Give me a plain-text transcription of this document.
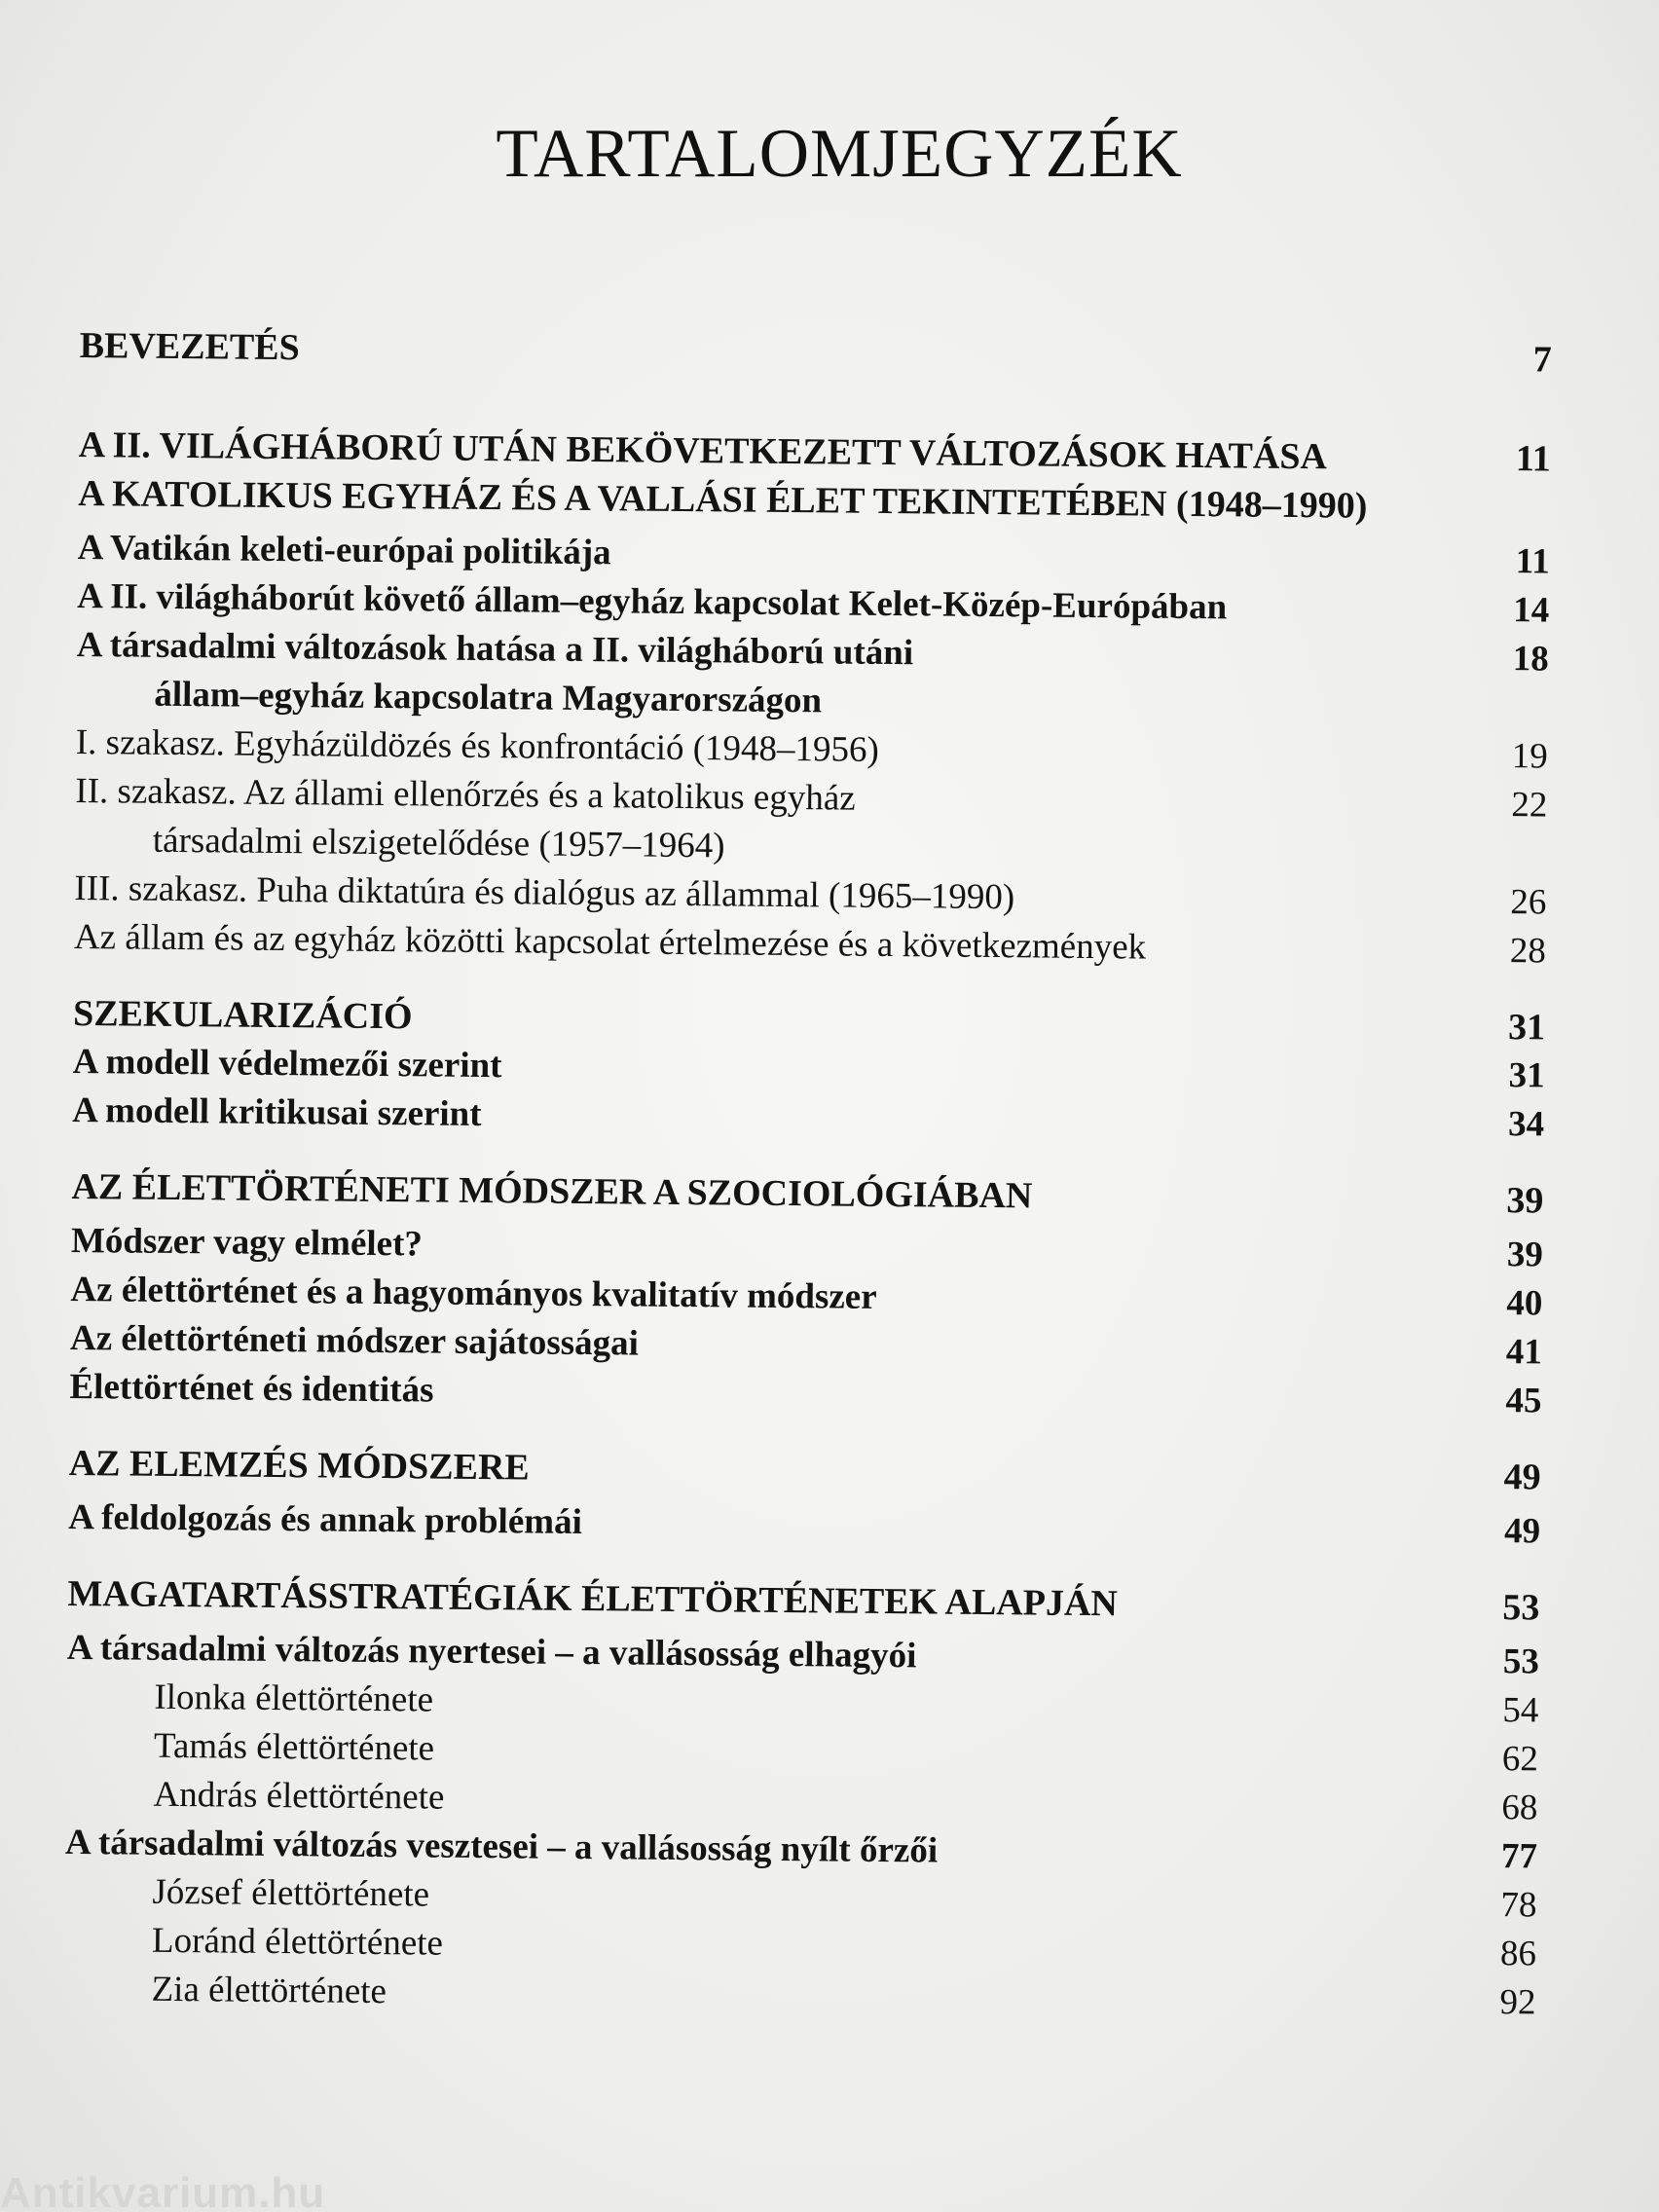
TARTALOMJEGYZÉK
BEVEZETÉS	7
A II. VILÁGHÁBORÚ UTÁN BEKÖVETKEZETT VÁLTOZÁSOK HATÁSA
A KATOLIKUS EGYHÁZ ÉS A VALLÁSI ÉLET TEKINTETÉBEN (1948–1990)
11
A Vatikán keleti-európai politikája	11
A II. világháborút követő állam–egyház kapcsolat Kelet-Közép-Európában	14
A társadalmi változások hatása a II. világháború utáni
állam–egyház kapcsolatra Magyarországon
18
I. szakasz. Egyházüldözés és konfrontáció (1948–1956)	19
II. szakasz. Az állami ellenőrzés és a katolikus egyház
társadalmi elszigetelődése (1957–1964)
22
III. szakasz. Puha diktatúra és dialógus az állammal (1965–1990)	26
Az állam és az egyház közötti kapcsolat értelmezése és a következmények	28
SZEKULARIZÁCIÓ	31
A modell védelmezői szerint	31
A modell kritikusai szerint	34
AZ ÉLETTÖRTÉNETI MÓDSZER A SZOCIOLÓGIÁBAN	39
Módszer vagy elmélet?	39
Az élettörténet és a hagyományos kvalitatív módszer	40
Az élettörténeti módszer sajátosságai	41
Élettörténet és identitás	45
AZ ELEMZÉS MÓDSZERE	49
A feldolgozás és annak problémái	49
MAGATARTÁSSTRATÉGIÁK ÉLETTÖRTÉNETEK ALAPJÁN	53
A társadalmi változás nyertesei – a vallásosság elhagyói	53
Ilonka élettörténete	54
Tamás élettörténete	62
András élettörténete	68
A társadalmi változás vesztesei – a vallásosság nyílt őrzői	77
József élettörténete	78
Loránd élettörténete	86
Zia élettörténete	92
Antikvarium.hu
